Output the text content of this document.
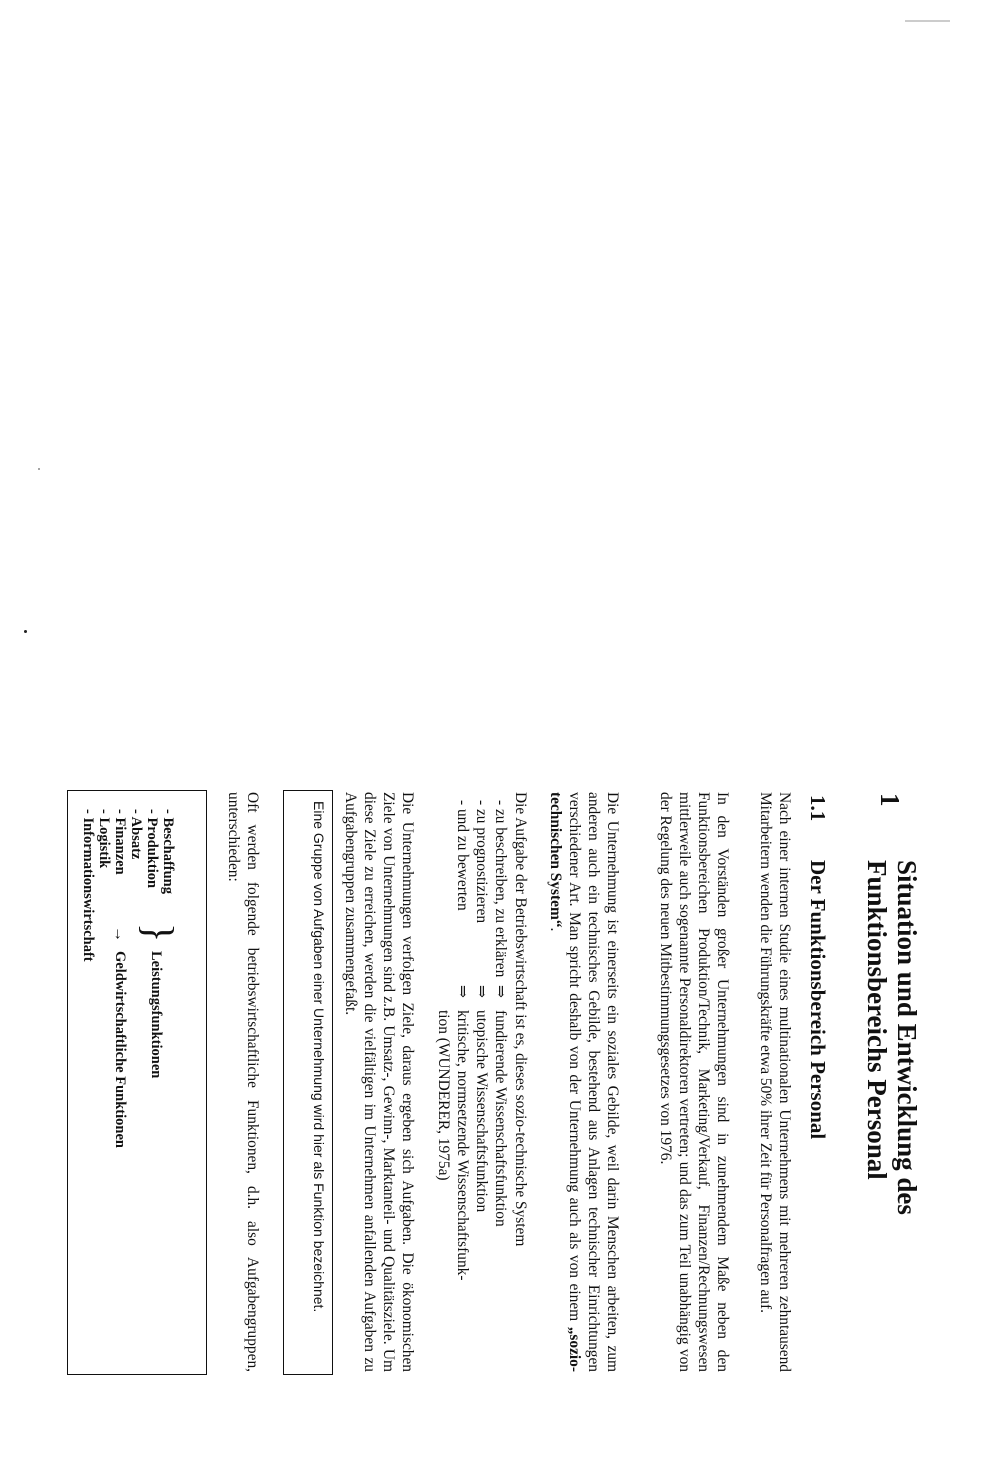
1
Situation und Entwicklung des
Funktionsbereichs Personal
1.1
Der Funktionsbereich Personal

Nach einer internen Studie eines multinationalen Unternehmens mit mehreren zehntausend Mitarbeitern wenden die Führungskräfte etwa 50% ihrer Zeit für Personalfragen auf.

In den Vorständen großer Unternehmungen sind in zunehmendem Maße neben den Funktionsbereichen Produktion/Technik, Marketing/Verkauf, Finanzen/Rechnungswesen mittlerweile auch sogenannte Personaldirektoren vertreten; und das zum Teil unabhängig von der Regelung des neuen Mitbestimmungsgesetzes von 1976.

Die Unternehmung ist einerseits ein soziales Gebilde, weil darin Menschen arbeiten, zum anderen auch ein technisches Gebilde, bestehend aus Anlagen technischer Einrichtungen verschiedener Art. Man spricht deshalb von der Unternehmung auch als von einem „sozio-technischen System“.

Die Aufgabe der Betriebswirtschaft ist es, dieses sozio-technische System

- zu beschreiben, zu erklären
⇒
fundierende Wissenschaftsfunktion
- zu prognostizieren
⇒
utopische Wissenschaftsfunktion
- und zu bewerten
⇒
kritische, normsetzende Wissenschaftsfunk-
tion (WUNDERER, 1975a)

Die Unternehmungen verfolgen Ziele, daraus ergeben sich Aufgaben. Die ökonomischen Ziele von Unternehmungen sind z.B. Umsatz-, Gewinn-, Marktanteil- und Qualitätsziele. Um diese Ziele zu erreichen, werden die vielfältigen im Unternehmen anfallenden Aufgaben zu Aufgabengruppen zusammengefaßt.

Eine Gruppe von Aufgaben einer Unternehmung wird hier als Funktion bezeichnet.

Oft werden folgende betriebswirtschaftliche Funktionen, d.h. also Aufgabengruppen, unterschieden:

- Beschaffung
- Produktion
- Absatz
- Finanzen
- Logistik
- Informationswirtschaft }
Leistungsfunktionen
→
Geldwirtschaftliche Funktionen
